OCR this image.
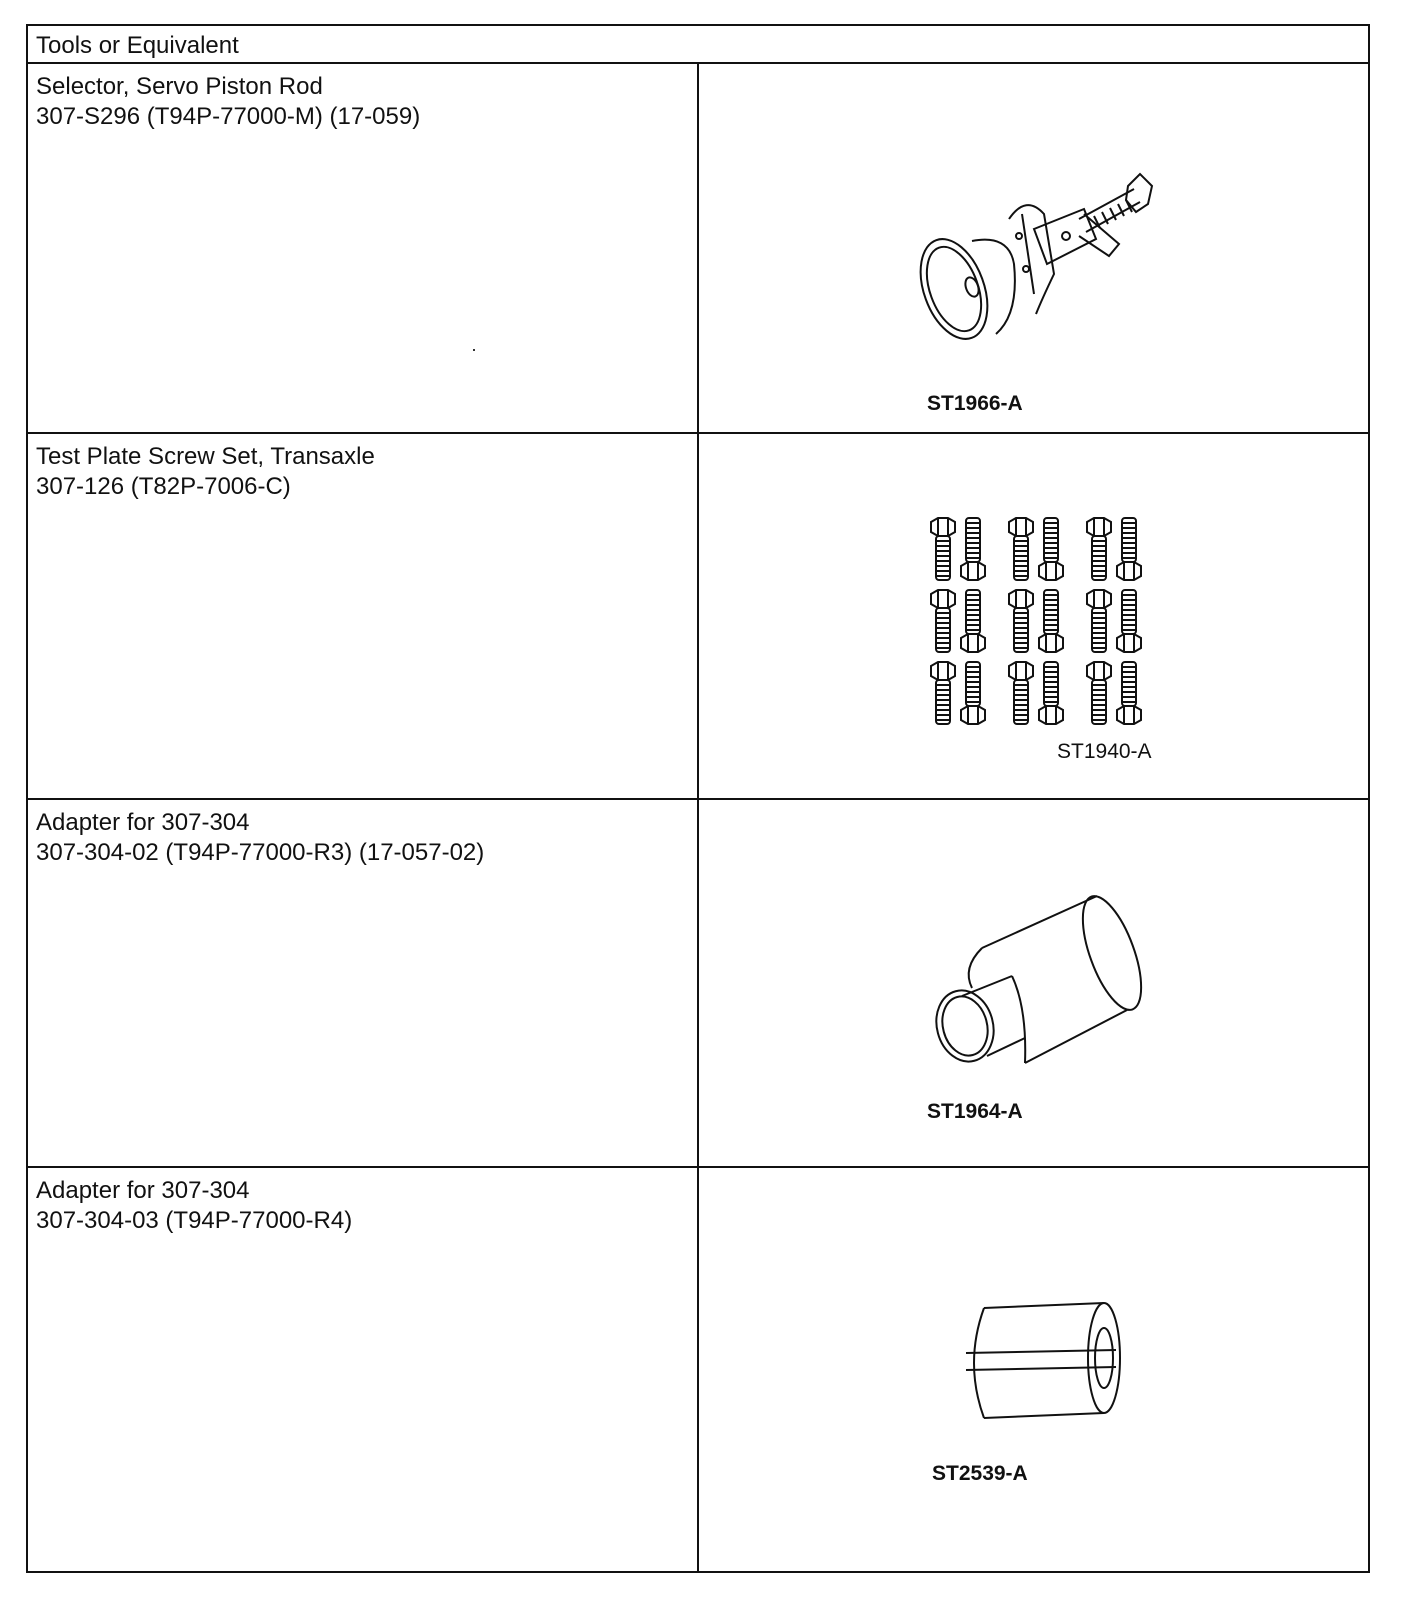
Tools or Equivalent
Selector, Servo Piston Rod
307-S296 (T94P-77000-M) (17-059)
ST1966-A
Test Plate Screw Set, Transaxle
307-126 (T82P-7006-C)
ST1940-A
Adapter for 307-304
307-304-02 (T94P-77000-R3) (17-057-02)
ST1964-A
Adapter for 307-304
307-304-03 (T94P-77000-R4)
ST2539-A
